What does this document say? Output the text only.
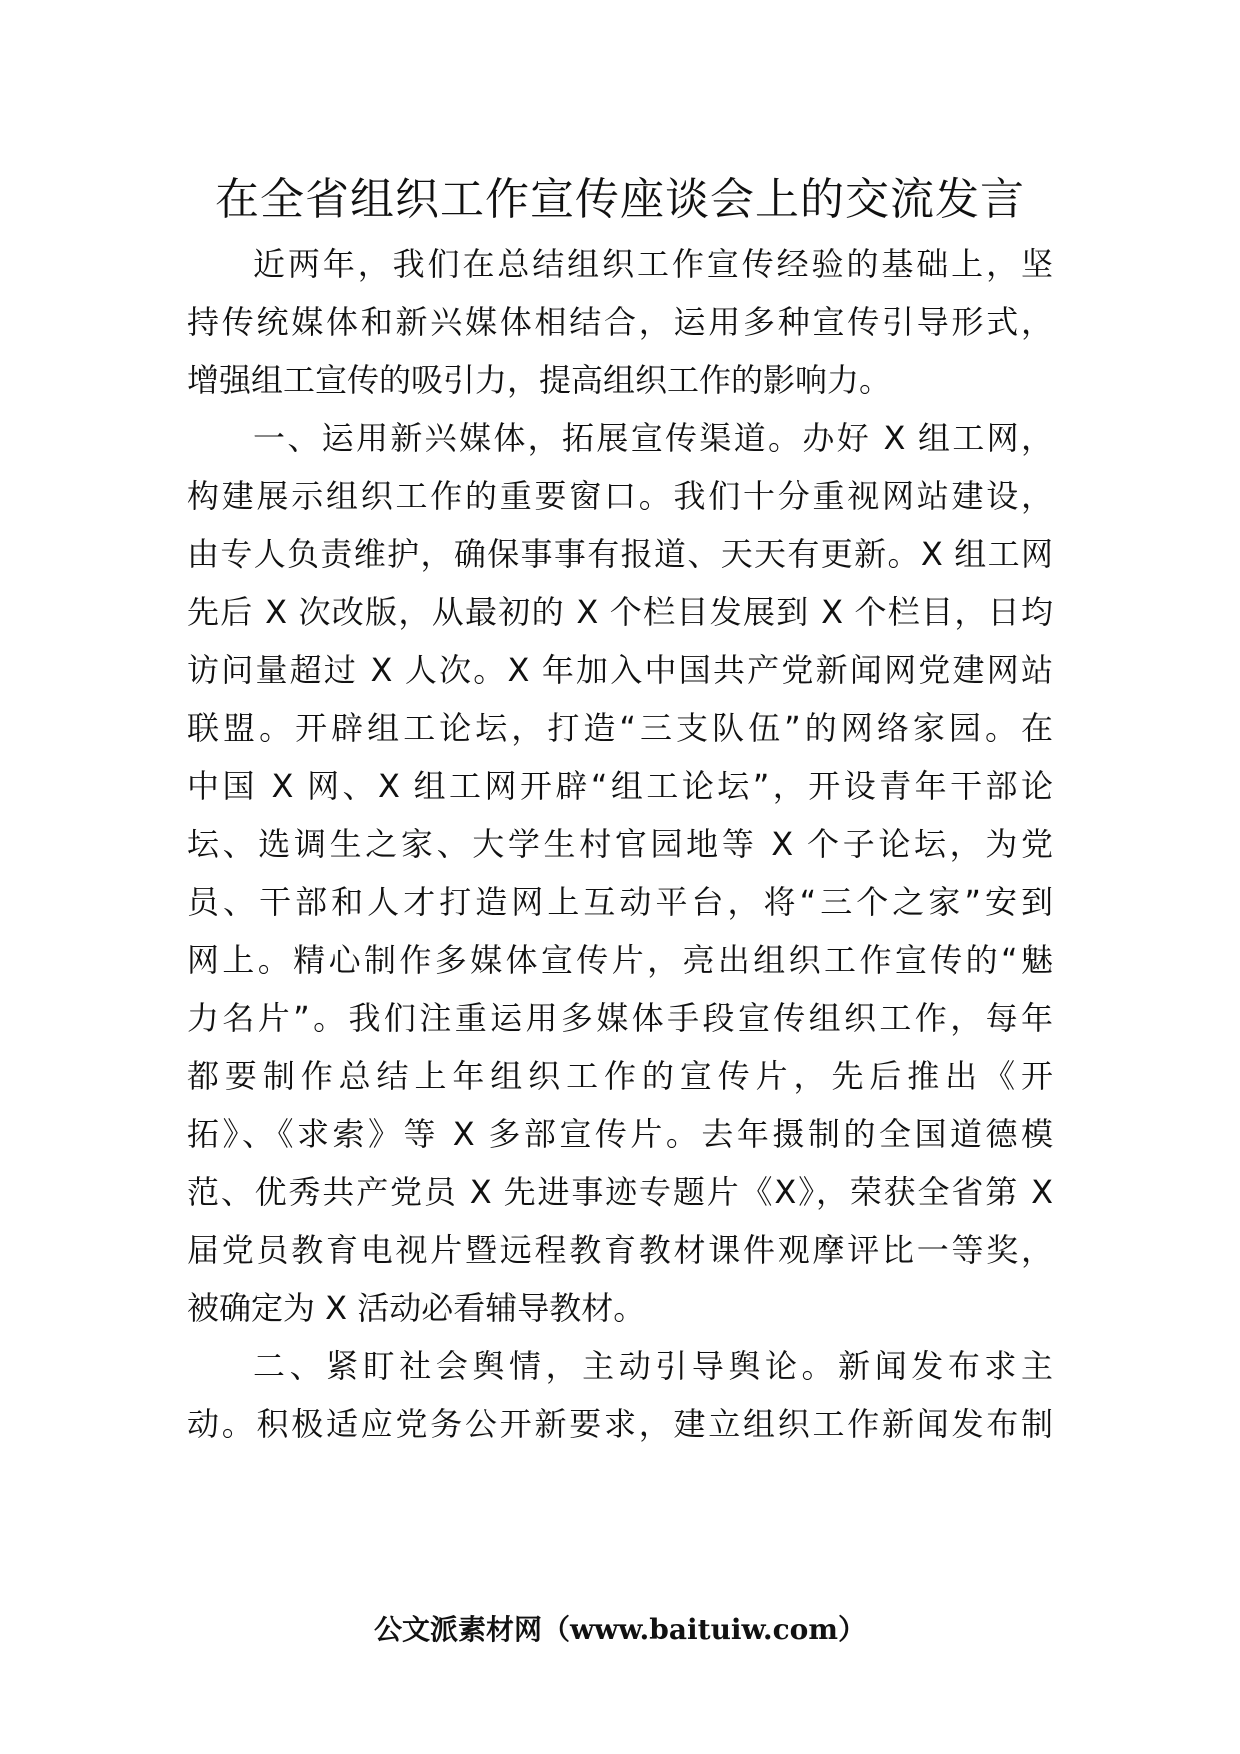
在全省组织工作宣传座谈会上的交流发言
近两年，我们在总结组织工作宣传经验的基础上，坚
持传统媒体和新兴媒体相结合，运用多种宣传引导形式，
增强组工宣传的吸引力，提高组织工作的影响力。
一、运用新兴媒体，拓展宣传渠道。办好 X 组工网，
构建展示组织工作的重要窗口。我们十分重视网站建设，
由专人负责维护，确保事事有报道、天天有更新。X 组工网
先后 X 次改版，从最初的 X 个栏目发展到 X 个栏目，日均
访问量超过 X 人次。X 年加入中国共产党新闻网党建网站
联盟。开辟组工论坛，打造“三支队伍”的网络家园。在
中国 X 网、X 组工网开辟“组工论坛”，开设青年干部论
坛、选调生之家、大学生村官园地等 X 个子论坛，为党
员、干部和人才打造网上互动平台，将“三个之家”安到
网上。精心制作多媒体宣传片，亮出组织工作宣传的“魅
力名片”。我们注重运用多媒体手段宣传组织工作，每年
都要制作总结上年组织工作的宣传片，先后推出《开
拓》、《求索》等 X 多部宣传片。去年摄制的全国道德模
范、优秀共产党员 X 先进事迹专题片《X》，荣获全省第 X
届党员教育电视片暨远程教育教材课件观摩评比一等奖，
被确定为 X 活动必看辅导教材。
二、紧盯社会舆情，主动引导舆论。新闻发布求主
动。积极适应党务公开新要求，建立组织工作新闻发布制
公文派素材网（www.baituiw.com）
